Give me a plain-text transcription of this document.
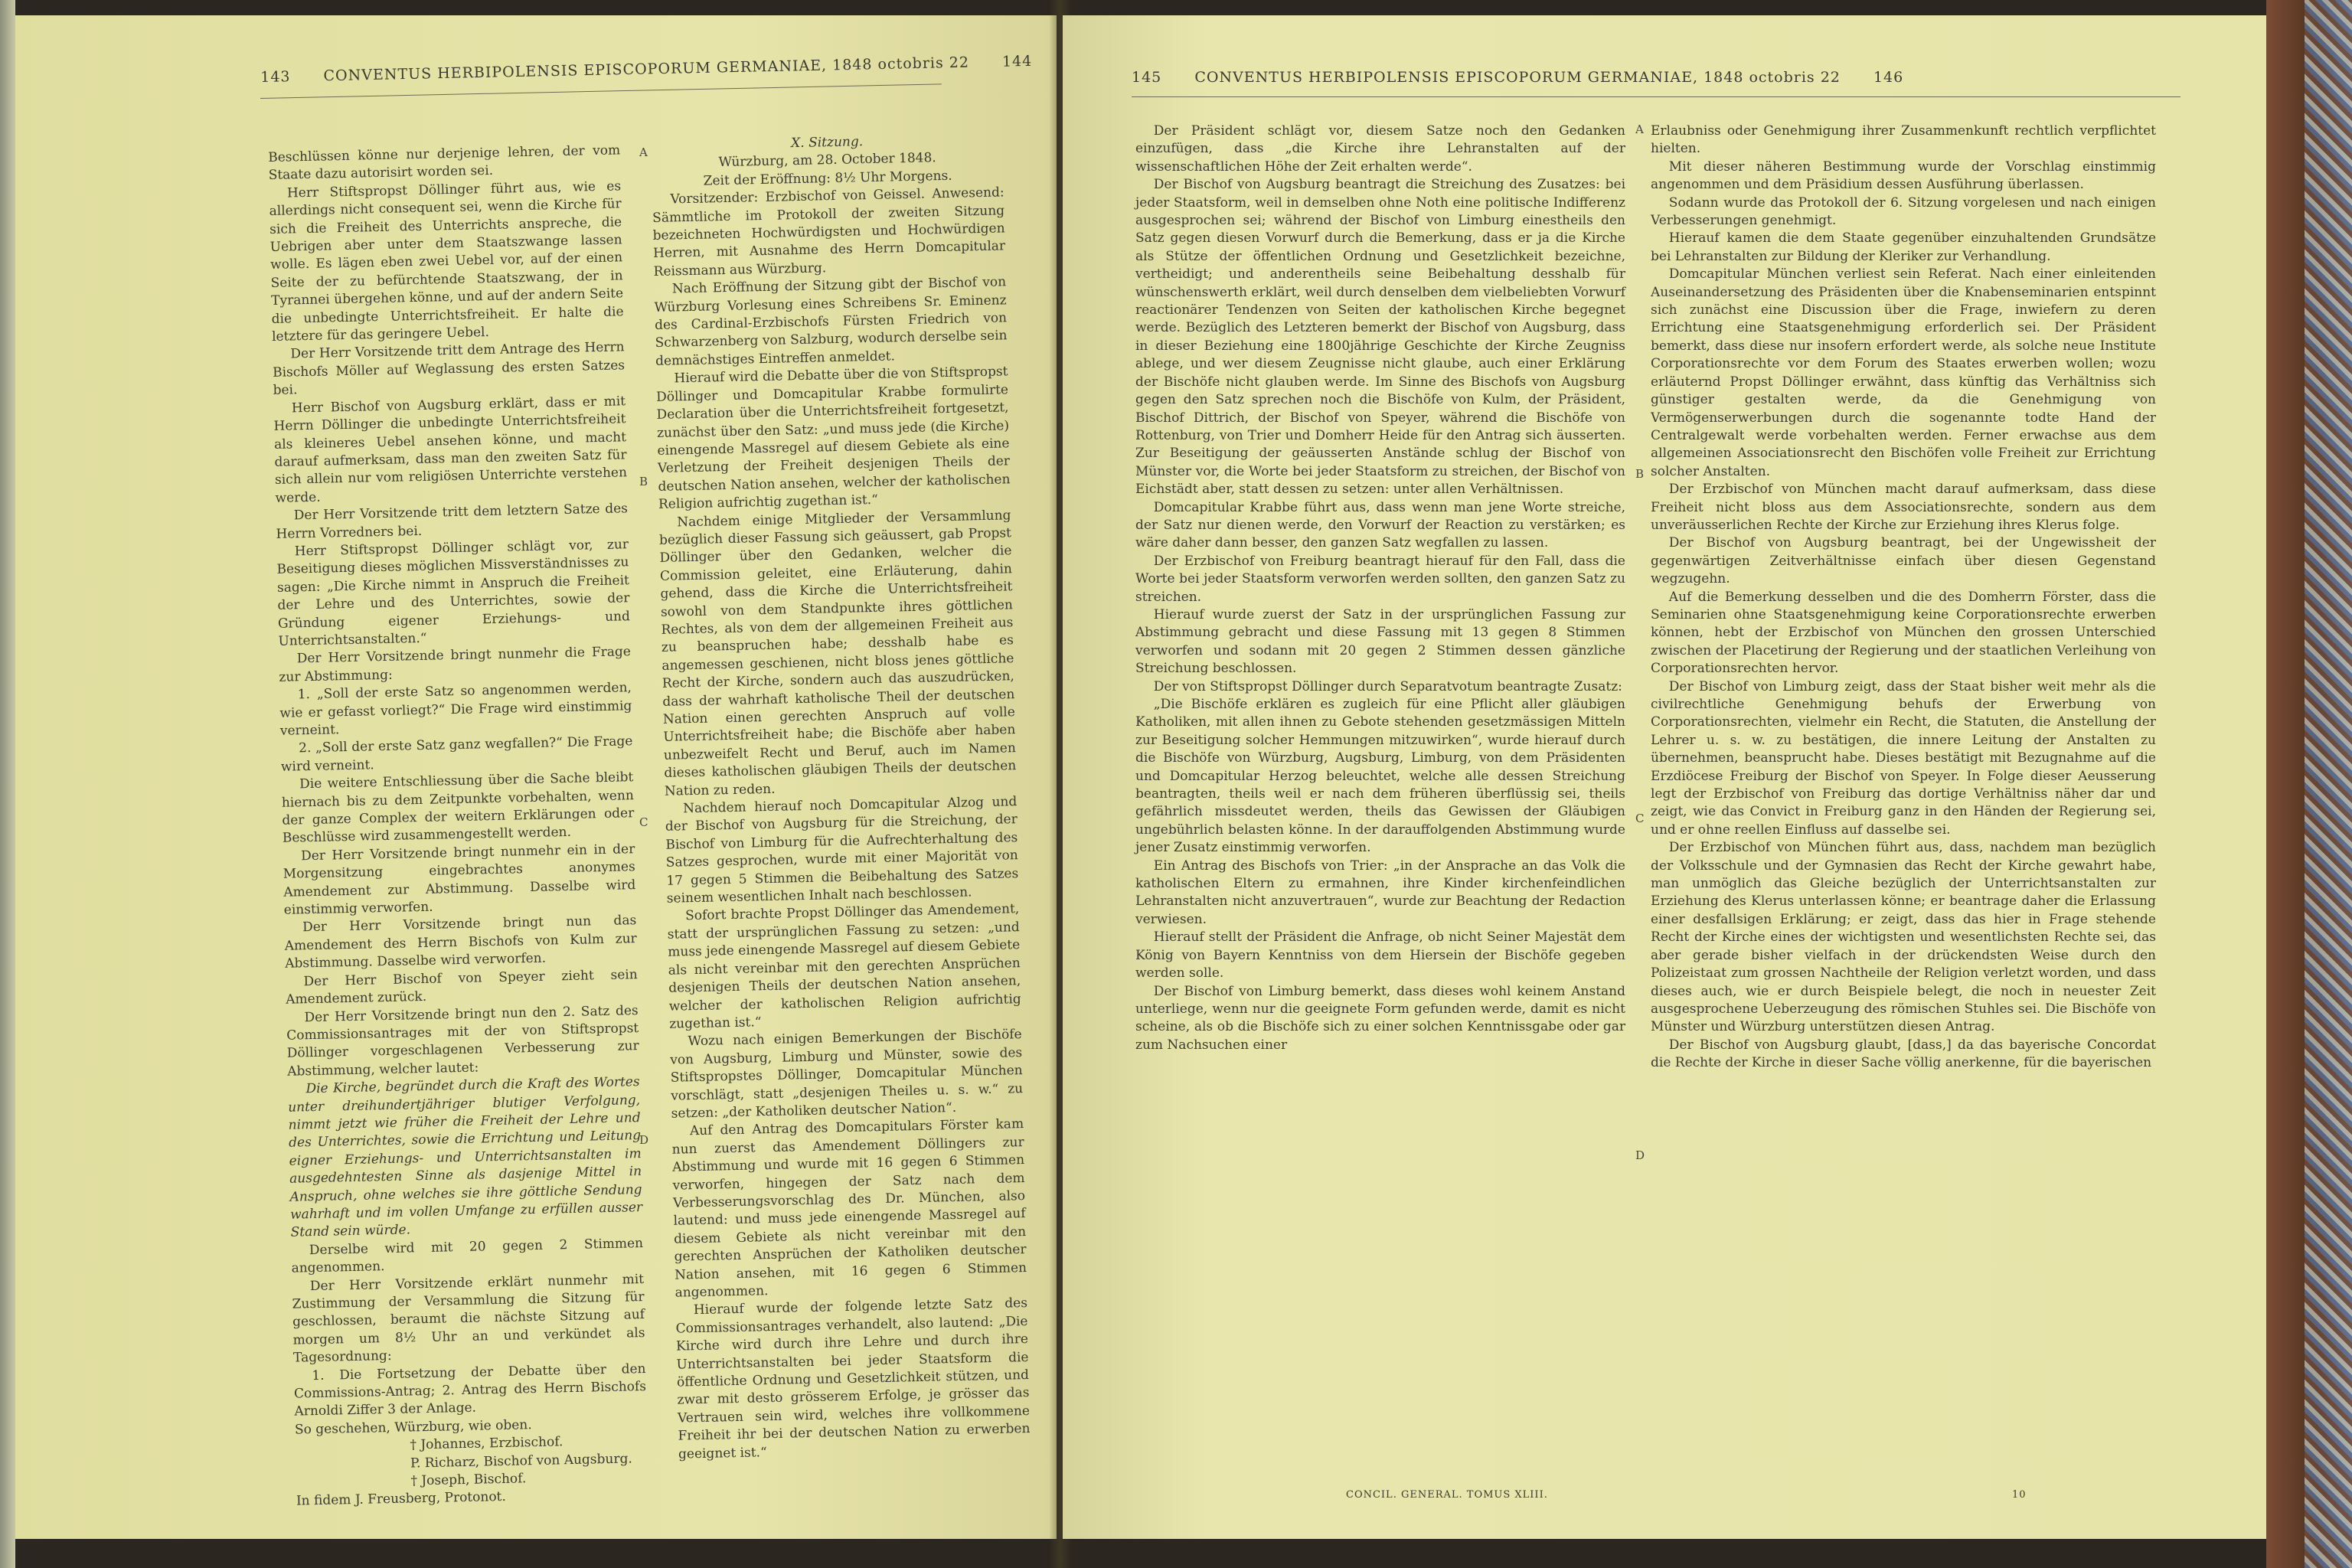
143 CONVENTUS HERBIPOLENSIS EPISCOPORUM GERMANIAE, 1848 octobris 22 144

Beschlüssen könne nur derjenige lehren, der vom Staate dazu autorisirt worden sei.

Herr Stiftspropst Döllinger führt aus, wie es allerdings nicht consequent sei, wenn die Kirche für sich die Freiheit des Unterrichts anspreche, die Uebrigen aber unter dem Staatszwange lassen wolle. Es lägen eben zwei Uebel vor, auf der einen Seite der zu befürchtende Staatszwang, der in Tyrannei übergehen könne, und auf der andern Seite die unbedingte Unterrichtsfreiheit. Er halte die letztere für das geringere Uebel.

Der Herr Vorsitzende tritt dem Antrage des Herrn Bischofs Möller auf Weglassung des ersten Satzes bei.

Herr Bischof von Augsburg erklärt, dass er mit Herrn Döllinger die unbedingte Unterrichtsfreiheit als kleineres Uebel ansehen könne, und macht darauf aufmerksam, dass man den zweiten Satz für sich allein nur vom religiösen Unterrichte verstehen werde.

Der Herr Vorsitzende tritt dem letztern Satze des Herrn Vorredners bei.

Herr Stiftspropst Döllinger schlägt vor, zur Beseitigung dieses möglichen Missverständnisses zu sagen: „Die Kirche nimmt in Anspruch die Freiheit der Lehre und des Unterrichtes, sowie der Gründung eigener Erziehungs- und Unterrichtsanstalten.“

Der Herr Vorsitzende bringt nunmehr die Frage zur Abstimmung:

1. „Soll der erste Satz so angenommen werden, wie er gefasst vorliegt?“ Die Frage wird einstimmig verneint.

2. „Soll der erste Satz ganz wegfallen?“ Die Frage wird verneint.

Die weitere Entschliessung über die Sache bleibt hiernach bis zu dem Zeitpunkte vorbehalten, wenn der ganze Complex der weitern Erklärungen oder Beschlüsse wird zusammengestellt werden.

Der Herr Vorsitzende bringt nunmehr ein in der Morgensitzung eingebrachtes anonymes Amendement zur Abstimmung. Dasselbe wird einstimmig verworfen.

Der Herr Vorsitzende bringt nun das Amendement des Herrn Bischofs von Kulm zur Abstimmung. Dasselbe wird verworfen.

Der Herr Bischof von Speyer zieht sein Amendement zurück.

Der Herr Vorsitzende bringt nun den 2. Satz des Commissionsantrages mit der von Stiftspropst Döllinger vorgeschlagenen Verbesserung zur Abstimmung, welcher lautet:

Die Kirche, begründet durch die Kraft des Wortes unter dreihundertjähriger blutiger Verfolgung, nimmt jetzt wie früher die Freiheit der Lehre und des Unterrichtes, sowie die Errichtung und Leitung eigner Erziehungs- und Unterrichtsanstalten im ausgedehntesten Sinne als dasjenige Mittel in Anspruch, ohne welches sie ihre göttliche Sendung wahrhaft und im vollen Umfange zu erfüllen ausser Stand sein würde.

Derselbe wird mit 20 gegen 2 Stimmen angenommen.

Der Herr Vorsitzende erklärt nunmehr mit Zustimmung der Versammlung die Sitzung für geschlossen, beraumt die nächste Sitzung auf morgen um 8½ Uhr an und verkündet als Tagesordnung:

1. Die Fortsetzung der Debatte über den Commissions-Antrag; 2. Antrag des Herrn Bischofs Arnoldi Ziffer 3 der Anlage.

So geschehen, Würzburg, wie oben.

† Johannes, Erzbischof.

P. Richarz, Bischof von Augsburg.

† Joseph, Bischof.

In fidem J. Freusberg, Protonot.

X. Sitzung.

Würzburg, am 28. October 1848.

Zeit der Eröffnung: 8½ Uhr Morgens.

Vorsitzender: Erzbischof von Geissel. Anwesend: Sämmtliche im Protokoll der zweiten Sitzung bezeichneten Hochwürdigsten und Hochwürdigen Herren, mit Ausnahme des Herrn Domcapitular Reissmann aus Würzburg.

Nach Eröffnung der Sitzung gibt der Bischof von Würzburg Vorlesung eines Schreibens Sr. Eminenz des Cardinal-Erzbischofs Fürsten Friedrich von Schwarzenberg von Salzburg, wodurch derselbe sein demnächstiges Eintreffen anmeldet.

Hierauf wird die Debatte über die von Stiftspropst Döllinger und Domcapitular Krabbe formulirte Declaration über die Unterrichtsfreiheit fortgesetzt, zunächst über den Satz: „und muss jede (die Kirche) einengende Massregel auf diesem Gebiete als eine Verletzung der Freiheit desjenigen Theils der deutschen Nation ansehen, welcher der katholischen Religion aufrichtig zugethan ist.“

Nachdem einige Mitglieder der Versammlung bezüglich dieser Fassung sich geäussert, gab Propst Döllinger über den Gedanken, welcher die Commission geleitet, eine Erläuterung, dahin gehend, dass die Kirche die Unterrichtsfreiheit sowohl von dem Standpunkte ihres göttlichen Rechtes, als von dem der allgemeinen Freiheit aus zu beanspruchen habe; desshalb habe es angemessen geschienen, nicht bloss jenes göttliche Recht der Kirche, sondern auch das auszudrücken, dass der wahrhaft katholische Theil der deutschen Nation einen gerechten Anspruch auf volle Unterrichtsfreiheit habe; die Bischöfe aber haben unbezweifelt Recht und Beruf, auch im Namen dieses katholischen gläubigen Theils der deutschen Nation zu reden.

Nachdem hierauf noch Domcapitular Alzog und der Bischof von Augsburg für die Streichung, der Bischof von Limburg für die Aufrechterhaltung des Satzes gesprochen, wurde mit einer Majorität von 17 gegen 5 Stimmen die Beibehaltung des Satzes seinem wesentlichen Inhalt nach beschlossen.

Sofort brachte Propst Döllinger das Amendement, statt der ursprünglichen Fassung zu setzen: „und muss jede einengende Massregel auf diesem Gebiete als nicht vereinbar mit den gerechten Ansprüchen desjenigen Theils der deutschen Nation ansehen, welcher der katholischen Religion aufrichtig zugethan ist.“

Wozu nach einigen Bemerkungen der Bischöfe von Augsburg, Limburg und Münster, sowie des Stiftspropstes Döllinger, Domcapitular München vorschlägt, statt „desjenigen Theiles u. s. w.“ zu setzen: „der Katholiken deutscher Nation“.

Auf den Antrag des Domcapitulars Förster kam nun zuerst das Amendement Döllingers zur Abstimmung und wurde mit 16 gegen 6 Stimmen verworfen, hingegen der Satz nach dem Verbesserungsvorschlag des Dr. München, also lautend: und muss jede einengende Massregel auf diesem Gebiete als nicht vereinbar mit den gerechten Ansprüchen der Katholiken deutscher Nation ansehen, mit 16 gegen 6 Stimmen angenommen.

Hierauf wurde der folgende letzte Satz des Commissionsantrages verhandelt, also lautend: „Die Kirche wird durch ihre Lehre und durch ihre Unterrichtsanstalten bei jeder Staatsform die öffentliche Ordnung und Gesetzlichkeit stützen, und zwar mit desto grösserem Erfolge, je grösser das Vertrauen sein wird, welches ihre vollkommene Freiheit ihr bei der deutschen Nation zu erwerben geeignet ist.“

A
B
C
D
145 CONVENTUS HERBIPOLENSIS EPISCOPORUM GERMANIAE, 1848 octobris 22 146

Der Präsident schlägt vor, diesem Satze noch den Gedanken einzufügen, dass „die Kirche ihre Lehranstalten auf der wissenschaftlichen Höhe der Zeit erhalten werde“.

Der Bischof von Augsburg beantragt die Streichung des Zusatzes: bei jeder Staatsform, weil in demselben ohne Noth eine politische Indifferenz ausgesprochen sei; während der Bischof von Limburg einestheils den Satz gegen diesen Vorwurf durch die Bemerkung, dass er ja die Kirche als Stütze der öffentlichen Ordnung und Gesetzlichkeit bezeichne, vertheidigt; und anderentheils seine Beibehaltung desshalb für wünschenswerth erklärt, weil durch denselben dem vielbeliebten Vorwurf reactionärer Tendenzen von Seiten der katholischen Kirche begegnet werde. Bezüglich des Letzteren bemerkt der Bischof von Augsburg, dass in dieser Beziehung eine 1800jährige Geschichte der Kirche Zeugniss ablege, und wer diesem Zeugnisse nicht glaube, auch einer Erklärung der Bischöfe nicht glauben werde. Im Sinne des Bischofs von Augsburg gegen den Satz sprechen noch die Bischöfe von Kulm, der Präsident, Bischof Dittrich, der Bischof von Speyer, während die Bischöfe von Rottenburg, von Trier und Domherr Heide für den Antrag sich äusserten. Zur Beseitigung der geäusserten Anstände schlug der Bischof von Münster vor, die Worte bei jeder Staatsform zu streichen, der Bischof von Eichstädt aber, statt dessen zu setzen: unter allen Verhältnissen.

Domcapitular Krabbe führt aus, dass wenn man jene Worte streiche, der Satz nur dienen werde, den Vorwurf der Reaction zu verstärken; es wäre daher dann besser, den ganzen Satz wegfallen zu lassen.

Der Erzbischof von Freiburg beantragt hierauf für den Fall, dass die Worte bei jeder Staatsform verworfen werden sollten, den ganzen Satz zu streichen.

Hierauf wurde zuerst der Satz in der ursprünglichen Fassung zur Abstimmung gebracht und diese Fassung mit 13 gegen 8 Stimmen verworfen und sodann mit 20 gegen 2 Stimmen dessen gänzliche Streichung beschlossen.

Der von Stiftspropst Döllinger durch Separatvotum beantragte Zusatz:

„Die Bischöfe erklären es zugleich für eine Pflicht aller gläubigen Katholiken, mit allen ihnen zu Gebote stehenden gesetzmässigen Mitteln zur Beseitigung solcher Hemmungen mitzuwirken“, wurde hierauf durch die Bischöfe von Würzburg, Augsburg, Limburg, von dem Präsidenten und Domcapitular Herzog beleuchtet, welche alle dessen Streichung beantragten, theils weil er nach dem früheren überflüssig sei, theils gefährlich missdeutet werden, theils das Gewissen der Gläubigen ungebührlich belasten könne. In der darauffolgenden Abstimmung wurde jener Zusatz einstimmig verworfen.

Ein Antrag des Bischofs von Trier: „in der Ansprache an das Volk die katholischen Eltern zu ermahnen, ihre Kinder kirchenfeindlichen Lehranstalten nicht anzuvertrauen“, wurde zur Beachtung der Redaction verwiesen.

Hierauf stellt der Präsident die Anfrage, ob nicht Seiner Majestät dem König von Bayern Kenntniss von dem Hiersein der Bischöfe gegeben werden solle.

Der Bischof von Limburg bemerkt, dass dieses wohl keinem Anstand unterliege, wenn nur die geeignete Form gefunden werde, damit es nicht scheine, als ob die Bischöfe sich zu einer solchen Kenntnissgabe oder gar zum Nachsuchen einer

Erlaubniss oder Genehmigung ihrer Zusammenkunft rechtlich verpflichtet hielten.

Mit dieser näheren Bestimmung wurde der Vorschlag einstimmig angenommen und dem Präsidium dessen Ausführung überlassen.

Sodann wurde das Protokoll der 6. Sitzung vorgelesen und nach einigen Verbesserungen genehmigt.

Hierauf kamen die dem Staate gegenüber einzuhaltenden Grundsätze bei Lehranstalten zur Bildung der Kleriker zur Verhandlung.

Domcapitular München verliest sein Referat. Nach einer einleitenden Auseinandersetzung des Präsidenten über die Knabenseminarien entspinnt sich zunächst eine Discussion über die Frage, inwiefern zu deren Errichtung eine Staatsgenehmigung erforderlich sei. Der Präsident bemerkt, dass diese nur insofern erfordert werde, als solche neue Institute Corporationsrechte vor dem Forum des Staates erwerben wollen; wozu erläuternd Propst Döllinger erwähnt, dass künftig das Verhältniss sich günstiger gestalten werde, da die Genehmigung von Vermögenserwerbungen durch die sogenannte todte Hand der Centralgewalt werde vorbehalten werden. Ferner erwachse aus dem allgemeinen Associationsrecht den Bischöfen volle Freiheit zur Errichtung solcher Anstalten.

Der Erzbischof von München macht darauf aufmerksam, dass diese Freiheit nicht bloss aus dem Associationsrechte, sondern aus dem unveräusserlichen Rechte der Kirche zur Erziehung ihres Klerus folge.

Der Bischof von Augsburg beantragt, bei der Ungewissheit der gegenwärtigen Zeitverhältnisse einfach über diesen Gegenstand wegzugehn.

Auf die Bemerkung desselben und die des Domherrn Förster, dass die Seminarien ohne Staatsgenehmigung keine Corporationsrechte erwerben können, hebt der Erzbischof von München den grossen Unterschied zwischen der Placetirung der Regierung und der staatlichen Verleihung von Corporationsrechten hervor.

Der Bischof von Limburg zeigt, dass der Staat bisher weit mehr als die civilrechtliche Genehmigung behufs der Erwerbung von Corporationsrechten, vielmehr ein Recht, die Statuten, die Anstellung der Lehrer u. s. w. zu bestätigen, die innere Leitung der Anstalten zu übernehmen, beansprucht habe. Dieses bestätigt mit Bezugnahme auf die Erzdiöcese Freiburg der Bischof von Speyer. In Folge dieser Aeusserung legt der Erzbischof von Freiburg das dortige Verhältniss näher dar und zeigt, wie das Convict in Freiburg ganz in den Händen der Regierung sei, und er ohne reellen Einfluss auf dasselbe sei.

Der Erzbischof von München führt aus, dass, nachdem man bezüglich der Volksschule und der Gymnasien das Recht der Kirche gewahrt habe, man unmöglich das Gleiche bezüglich der Unterrichtsanstalten zur Erziehung des Klerus unterlassen könne; er beantrage daher die Erlassung einer desfallsigen Erklärung; er zeigt, dass das hier in Frage stehende Recht der Kirche eines der wichtigsten und wesentlichsten Rechte sei, das aber gerade bisher vielfach in der drückendsten Weise durch den Polizeistaat zum grossen Nachtheile der Religion verletzt worden, und dass dieses auch, wie er durch Beispiele belegt, die noch in neuester Zeit ausgesprochene Ueberzeugung des römischen Stuhles sei. Die Bischöfe von Münster und Würzburg unterstützen diesen Antrag.

Der Bischof von Augsburg glaubt, [dass,] da das bayerische Concordat die Rechte der Kirche in dieser Sache völlig anerkenne, für die bayerischen

A
B
C
D
CONCIL. GENERAL. TOMUS XLIII.	10
